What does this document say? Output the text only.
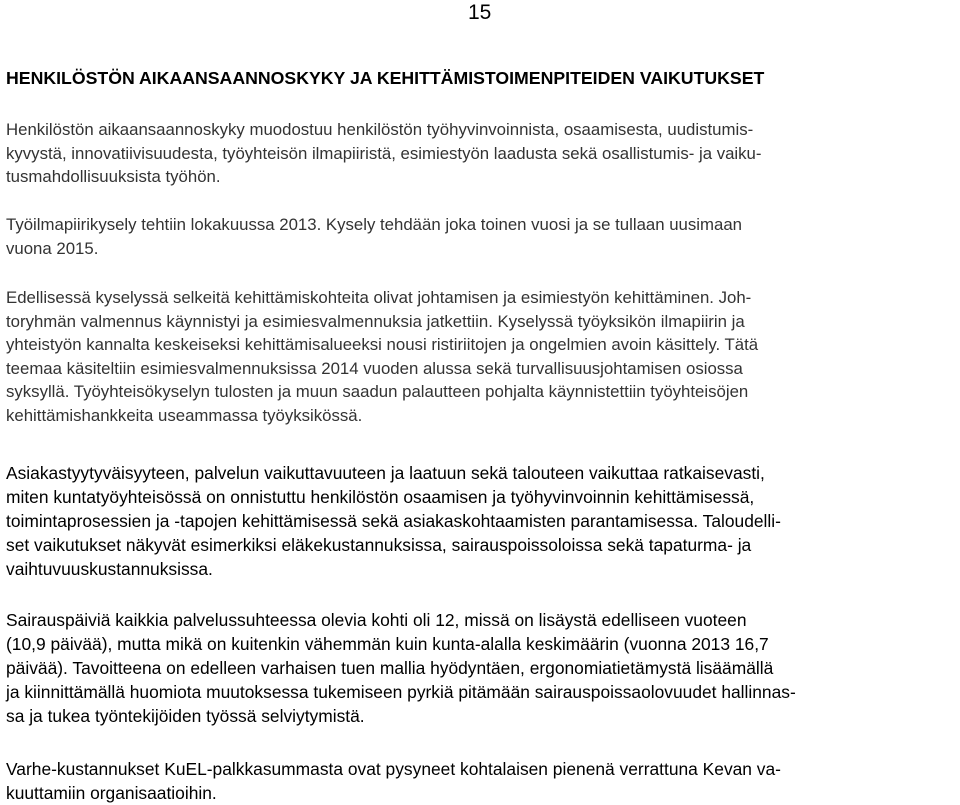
15
HENKILÖSTÖN AIKAANSAANNOSKYKY JA KEHITTÄMISTOIMENPITEIDEN VAIKUTUKSET

Henkilöstön aikaansaannoskyky muodostuu henkilöstön työhyvinvoinnista, osaamisesta, uudistumis-
kyvystä, innovatiivisuudesta, työyhteisön ilmapiiristä, esimiestyön laadusta sekä osallistumis- ja vaiku-
tusmahdollisuuksista työhön.

Työilmapiirikysely tehtiin lokakuussa 2013. Kysely tehdään joka toinen vuosi ja se tullaan uusimaan
vuona 2015.

Edellisessä kyselyssä selkeitä kehittämiskohteita olivat johtamisen ja esimiestyön kehittäminen. Joh-
toryhmän valmennus käynnistyi ja esimiesvalmennuksia jatkettiin. Kyselyssä työyksikön ilmapiirin ja
yhteistyön kannalta keskeiseksi kehittämisalueeksi nousi ristiriitojen ja ongelmien avoin käsittely. Tätä
teemaa käsiteltiin esimiesvalmennuksissa 2014 vuoden alussa sekä turvallisuusjohtamisen osiossa
syksyllä. Työyhteisökyselyn tulosten ja muun saadun palautteen pohjalta käynnistettiin työyhteisöjen
kehittämishankkeita useammassa työyksikössä.

Asiakastyytyväisyyteen, palvelun vaikuttavuuteen ja laatuun sekä talouteen vaikuttaa ratkaisevasti,
miten kuntatyöyhteisössä on onnistuttu henkilöstön osaamisen ja työhyvinvoinnin kehittämisessä,
toimintaprosessien ja -tapojen kehittämisessä sekä asiakaskohtaamisten parantamisessa. Taloudelli-
set vaikutukset näkyvät esimerkiksi eläkekustannuksissa, sairauspoissoloissa sekä tapaturma- ja
vaihtuvuuskustannuksissa.

Sairauspäiviä kaikkia palvelussuhteessa olevia kohti oli 12, missä on lisäystä edelliseen vuoteen
(10,9 päivää), mutta mikä on kuitenkin vähemmän kuin kunta-alalla keskimäärin (vuonna 2013 16,7
päivää). Tavoitteena on edelleen varhaisen tuen mallia hyödyntäen, ergonomiatietämystä lisäämällä
ja kiinnittämällä huomiota muutoksessa tukemiseen pyrkiä pitämään sairauspoissaolovuudet hallinnas-
sa ja tukea työntekijöiden työssä selviytymistä.

Varhe-kustannukset KuEL-palkkasummasta ovat pysyneet kohtalaisen pienenä verrattuna Kevan va-
kuuttamiin organisaatioihin.
